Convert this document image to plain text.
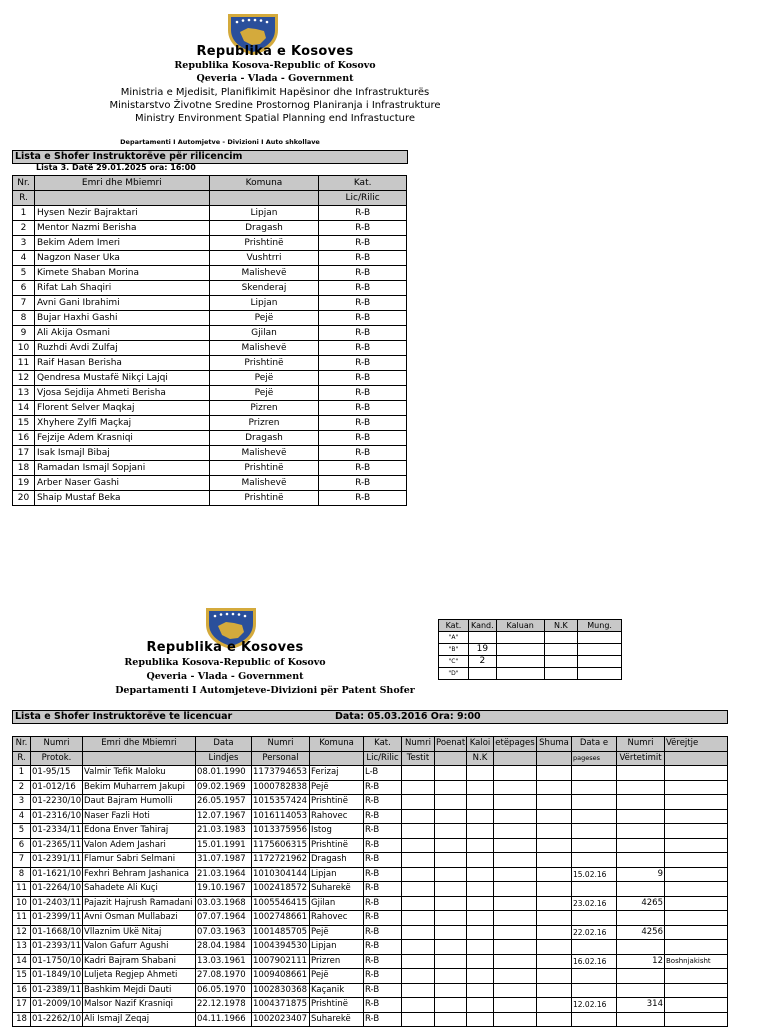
Republika e Kosoves
Republika Kosova-Republic of Kosovo
Qeveria - Vlada - Government
Ministria e Mjedisit, Planifikimit Hapësinor dhe Infrastrukturës
Ministarstvo Životne Sredine Prostornog Planiranja i Infrastrukture
Ministry Environment Spatial Planning end Infrastucture
Departamenti I Automjetve - Divizioni I Auto shkollave
Lista e Shofer Instruktorëve për rilicencim
Lista 3. Datë 29.01.2025 ora: 16:00
Nr.	Emri dhe Mbiemri	Komuna	Kat.
R.			Lic/Rilic
1	Hysen Nezir Bajraktari	Lipjan	R-B
2	Mentor Nazmi Berisha	Dragash	R-B
3	Bekim Adem Imeri	Prishtinë	R-B
4	Nagzon Naser Uka	Vushtrri	R-B
5	Kimete Shaban Morina	Malishevë	R-B
6	Rifat Lah Shaqiri	Skenderaj	R-B
7	Avni Gani Ibrahimi	Lipjan	R-B
8	Bujar Haxhi Gashi	Pejë	R-B
9	Ali Akija Osmani	Gjilan	R-B
10	Ruzhdi Avdi Zulfaj	Malishevë	R-B
11	Raif Hasan Berisha	Prishtinë	R-B
12	Qendresa Mustafë Nikçi Lajqi	Pejë	R-B
13	Vjosa Sejdija Ahmeti Berisha	Pejë	R-B
14	Florent Selver Maqkaj	Pizren	R-B
15	Xhyhere Zylfi Maçkaj	Prizren	R-B
16	Fejzije Adem Krasniqi	Dragash	R-B
17	Isak Ismajl Bibaj	Malishevë	R-B
18	Ramadan Ismajl Sopjani	Prishtinë	R-B
19	Arber Naser Gashi	Malishevë	R-B
20	Shaip Mustaf Beka	Prishtinë	R-B
Republika e Kosoves
Republika Kosova-Republic of Kosovo
Qeveria - Vlada - Government
Departamenti I Automjeteve-Divizioni për Patent Shofer
Kat.	Kand.	Kaluan	N.K	Mung.
"A"				
"B"	19			
"C"	2			
"D"				
Lista e Shofer Instruktorëve te licencuar	Data: 05.03.2016 Ora: 9:00
Nr.	Numri	Emri dhe Mbiemri	Data	Numri	Komuna	Kat.	Numri	Poenat	Kaloi	etëpages	Shuma	Data e	Numri	Vërejtje
R.	Protok.		Lindjes	Personal		Lic/Rilic	Testit		N.K			pageses	Vërtetimit	
1	01-95/15	Valmir Tefik Maloku	08.01.1990	1173794653	Ferizaj	L-B								
2	01-012/16	Bekim Muharrem Jakupi	09.02.1969	1000782838	Pejë	R-B								
3	01-2230/10	Daut Bajram Humolli	26.05.1957	1015357424	Prishtinë	R-B								
4	01-2316/10	Naser Fazli Hoti	12.07.1967	1016114053	Rahovec	R-B								
5	01-2334/11	Edona Enver Tahiraj	21.03.1983	1013375956	Istog	R-B								
6	01-2365/11	Valon Adem Jashari	15.01.1991	1175606315	Prishtinë	R-B								
7	01-2391/11	Flamur Sabri Selmani	31.07.1987	1172721962	Dragash	R-B								
8	01-1621/10	Fexhri Behram Jashanica	21.03.1964	1010304144	Lipjan	R-B						15.02.16	9	
11	01-2264/10	Sahadete Ali Kuçi	19.10.1967	1002418572	Suharekë	R-B								
10	01-2403/11	Pajazit Hajrush Ramadani	03.03.1968	1005546415	Gjilan	R-B						23.02.16	4265	
11	01-2399/11	Avni Osman Mullabazi	07.07.1964	1002748661	Rahovec	R-B								
12	01-1668/10	Vllaznim Ukë Nitaj	07.03.1963	1001485705	Pejë	R-B						22.02.16	4256	
13	01-2393/11	Valon Gafurr Agushi	28.04.1984	1004394530	Lipjan	R-B								
14	01-1750/10	Kadri Bajram Shabani	13.03.1961	1007902111	Prizren	R-B						16.02.16	12	Boshnjakisht
15	01-1849/10	Luljeta Regjep Ahmeti	27.08.1970	1009408661	Pejë	R-B								
16	01-2389/11	Bashkim Mejdi Dauti	06.05.1970	1002830368	Kaçanik	R-B								
17	01-2009/10	Malsor Nazif Krasniqi	22.12.1978	1004371875	Prishtinë	R-B						12.02.16	314	
18	01-2262/10	Ali Ismajl Zeqaj	04.11.1966	1002023407	Suharekë	R-B								
